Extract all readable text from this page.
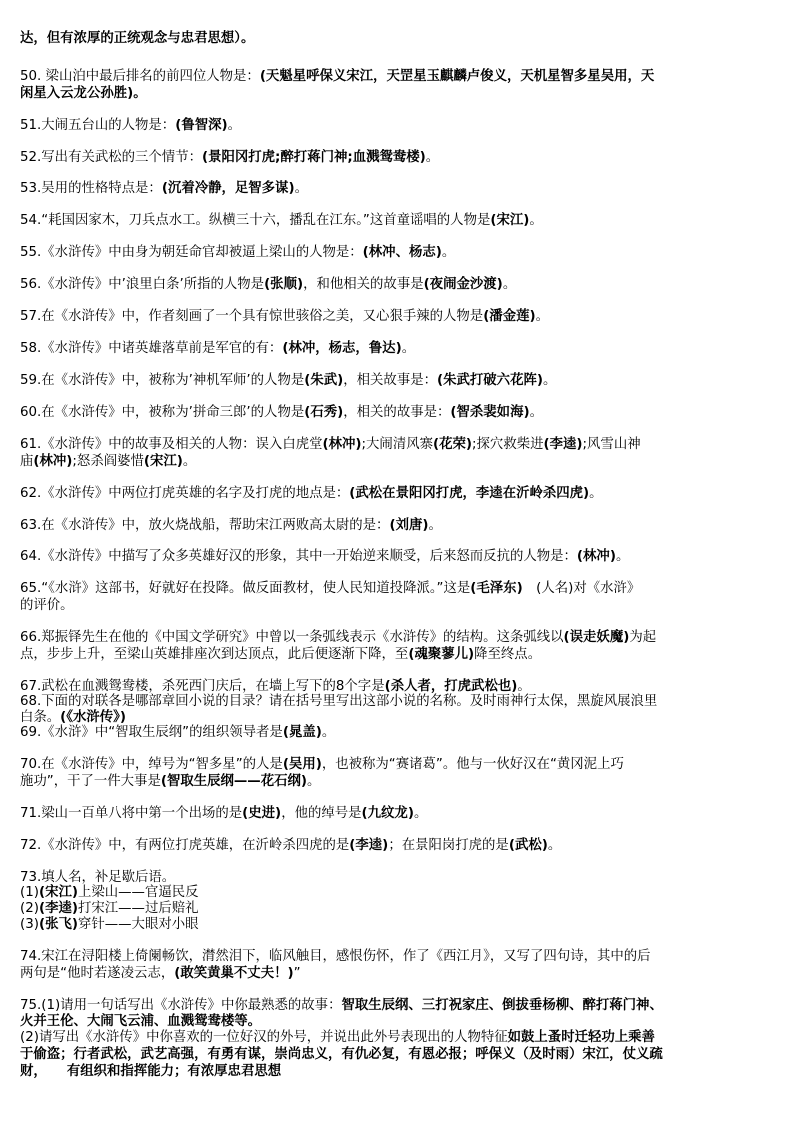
达，但有浓厚的正统观念与忠君思想）。
50. 梁山泊中最后排名的前四位人物是：(天魁星呼保义宋江，天罡星玉麒麟卢俊义，天机星智多星吴用，天
闲星入云龙公孙胜)。
51.大闹五台山的人物是：(鲁智深)。
52.写出有关武松的三个情节：(景阳冈打虎;醉打蒋门神;血溅鸳鸯楼)。
53.吴用的性格特点是：(沉着冷静，足智多谋)。
54.“耗国因家木，刀兵点水工。纵横三十六，播乱在江东。”这首童谣唱的人物是(宋江)。
55.《水浒传》中由身为朝廷命官却被逼上梁山的人物是：(林冲、杨志)。
56.《水浒传》中’浪里白条’所指的人物是(张顺)，和他相关的故事是(夜闹金沙渡)。
57.在《水浒传》中，作者刻画了一个具有惊世骇俗之美，又心狠手辣的人物是(潘金莲)。
58.《水浒传》中诸英雄落草前是军官的有：(林冲，杨志，鲁达)。
59.在《水浒传》中，被称为’神机军师’的人物是(朱武)，相关故事是：(朱武打破六花阵)。
60.在《水浒传》中，被称为’拼命三郎’的人物是(石秀)，相关的故事是：(智杀裴如海)。
61.《水浒传》中的故事及相关的人物：误入白虎堂(林冲);大闹清风寨(花荣);探穴救柴进(李逵);风雪山神
庙(林冲);怒杀阎婆惜(宋江)。
62.《水浒传》中两位打虎英雄的名字及打虎的地点是：(武松在景阳冈打虎，李逵在沂岭杀四虎)。
63.在《水浒传》中，放火烧战船，帮助宋江两败高太尉的是：(刘唐)。
64.《水浒传》中描写了众多英雄好汉的形象，其中一开始逆来顺受，后来怒而反抗的人物是：(林冲)。
65.“《水浒》这部书，好就好在投降。做反面教材，使人民知道投降派。”这是(毛泽东)　(人名)对《水浒》
的评价。
66.郑振铎先生在他的《中国文学研究》中曾以一条弧线表示《水浒传》的结构。这条弧线以(误走妖魔)为起
点，步步上升，至梁山英雄排座次到达顶点，此后便逐渐下降，至(魂聚蓼儿)降至终点。
67.武松在血溅鸳鸯楼，杀死西门庆后，在墙上写下的8个字是(杀人者，打虎武松也)。
68.下面的对联各是哪部章回小说的目录？请在括号里写出这部小说的名称。及时雨神行太保，黑旋风展浪里
白条。(《水浒传》)
69.《水浒》中“智取生辰纲”的组织领导者是(晁盖)。
70.在《水浒传》中，绰号为“智多星”的人是(吴用)，也被称为“赛诸葛”。他与一伙好汉在“黄冈泥上巧
施功”，干了一件大事是(智取生辰纲——花石纲)。
71.梁山一百单八将中第一个出场的是(史进)，他的绰号是(九纹龙)。
72.《水浒传》中，有两位打虎英雄，在沂岭杀四虎的是(李逵)；在景阳岗打虎的是(武松)。
73.填人名，补足歇后语。
(1)(宋江)上梁山——官逼民反
(2)(李逵)打宋江——过后赔礼
(3)(张飞)穿针——大眼对小眼
74.宋江在浔阳楼上倚阑畅饮，潸然泪下，临风触目，感恨伤怀，作了《西江月》，又写了四句诗，其中的后
两句是“他时若遂凌云志，(敢笑黄巢不丈夫！)”
75.(1)请用一句话写出《水浒传》中你最熟悉的故事：智取生辰纲、三打祝家庄、倒拔垂杨柳、醉打蒋门神、
火并王伦、大闹飞云浦、血溅鸳鸯楼等。
(2)请写出《水浒传》中你喜欢的一位好汉的外号，并说出此外号表现出的人物特征如鼓上蚤时迁轻功上乘善
于偷盗；行者武松，武艺高强，有勇有谋，崇尚忠义，有仇必复，有恩必报；呼保义（及时雨）宋江，仗义疏
财，　　有组织和指挥能力；有浓厚忠君思想
